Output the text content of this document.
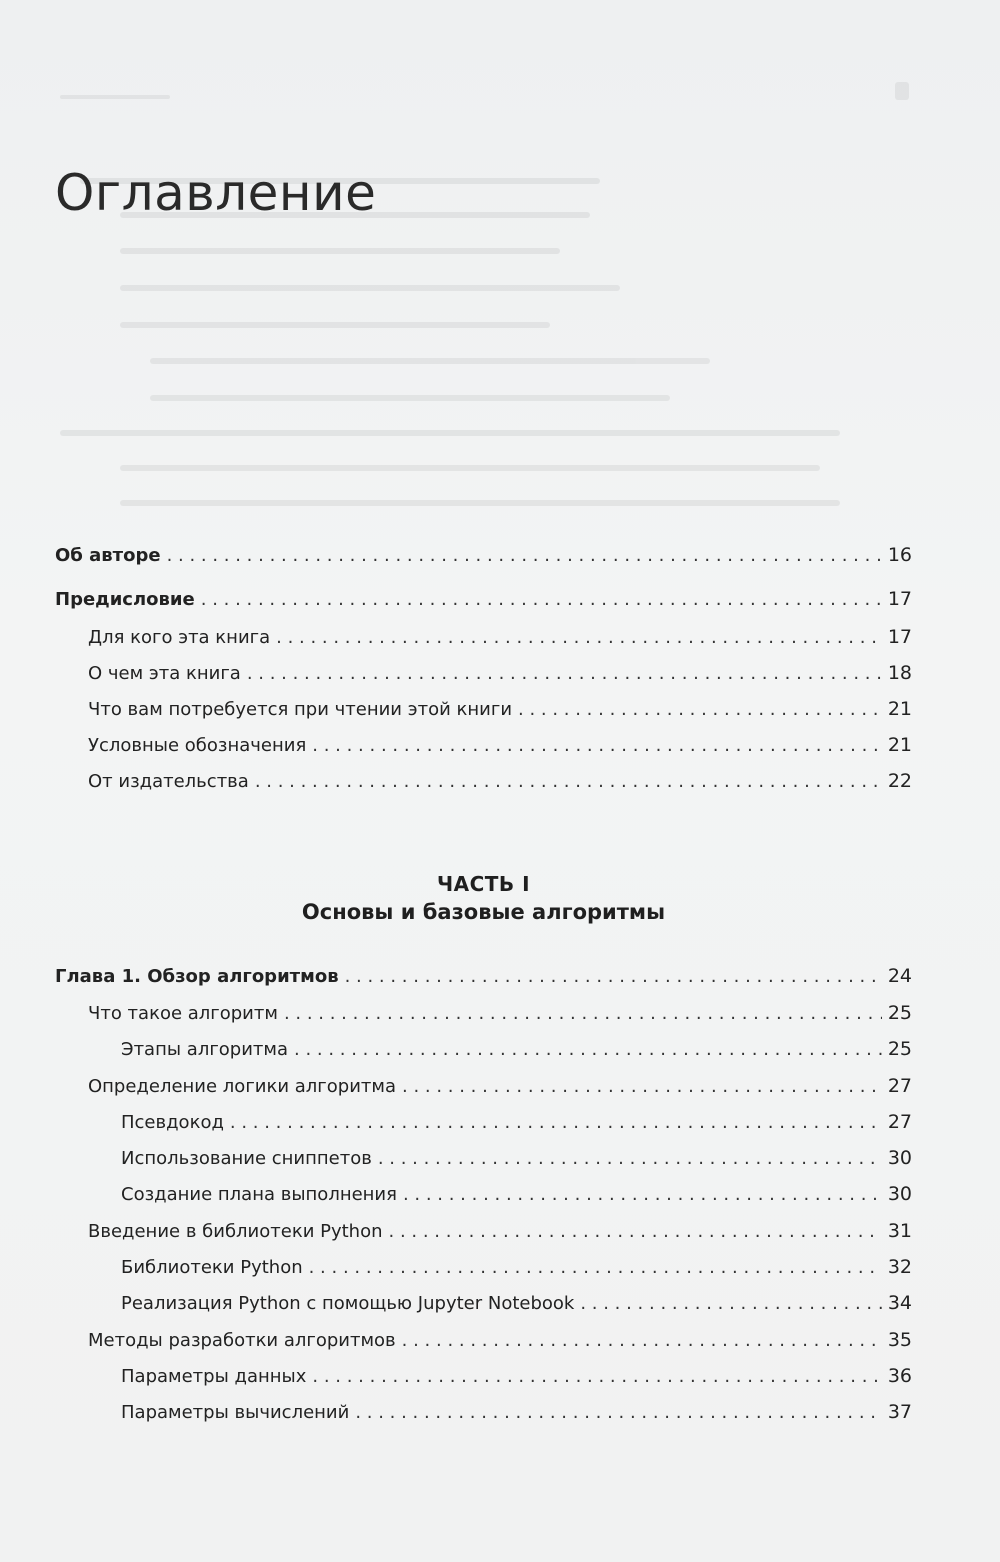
Оглавление
Об авторе . . .	16
Предисловие . . .	17
Для кого эта книга . . .	17
О чем эта книга . . .	18
Что вам потребуется при чтении этой книги . . .	21
Условные обозначения . . .	21
От издательства . . .	22
ЧАСТЬ I
Основы и базовые алгоритмы
Глава 1. Обзор алгоритмов . . .	24
Что такое алгоритм . . .	25
Этапы алгоритма . . .	25
Определение логики алгоритма . . .	27
Псевдокод . . .	27
Использование сниппетов . . .	30
Создание плана выполнения . . .	30
Введение в библиотеки Python . . .	31
Библиотеки Python . . .	32
Реализация Python с помощью Jupyter Notebook . . .	34
Методы разработки алгоритмов . . .	35
Параметры данных . . .	36
Параметры вычислений . . .	37
